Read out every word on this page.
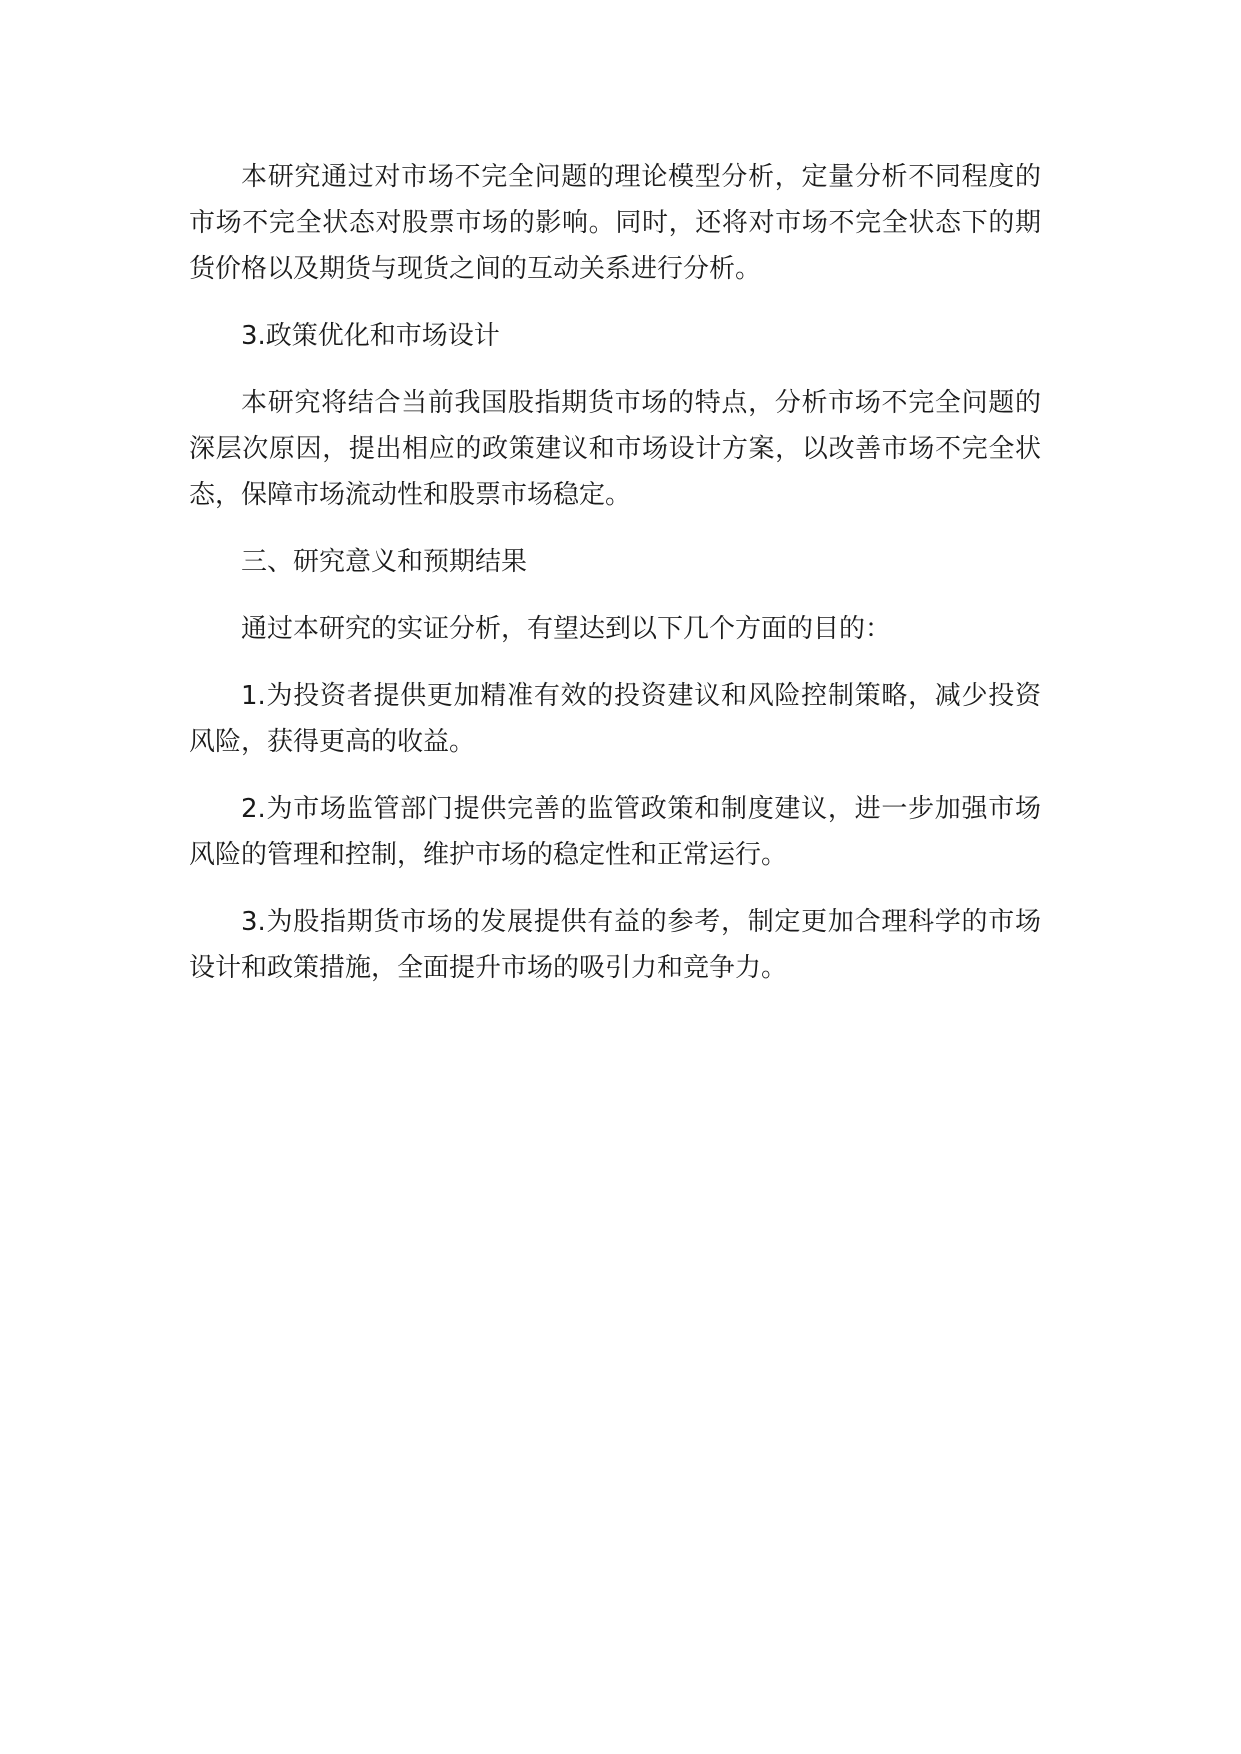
本研究通过对市场不完全问题的理论模型分析，定量分析不同程度的市场不完全状态对股票市场的影响。同时，还将对市场不完全状态下的期货价格以及期货与现货之间的互动关系进行分析。

3.政策优化和市场设计

本研究将结合当前我国股指期货市场的特点，分析市场不完全问题的深层次原因，提出相应的政策建议和市场设计方案，以改善市场不完全状态，保障市场流动性和股票市场稳定。

三、研究意义和预期结果

通过本研究的实证分析，有望达到以下几个方面的目的：

1.为投资者提供更加精准有效的投资建议和风险控制策略，减少投资风险，获得更高的收益。

2.为市场监管部门提供完善的监管政策和制度建议，进一步加强市场风险的管理和控制，维护市场的稳定性和正常运行。

3.为股指期货市场的发展提供有益的参考，制定更加合理科学的市场设计和政策措施，全面提升市场的吸引力和竞争力。
